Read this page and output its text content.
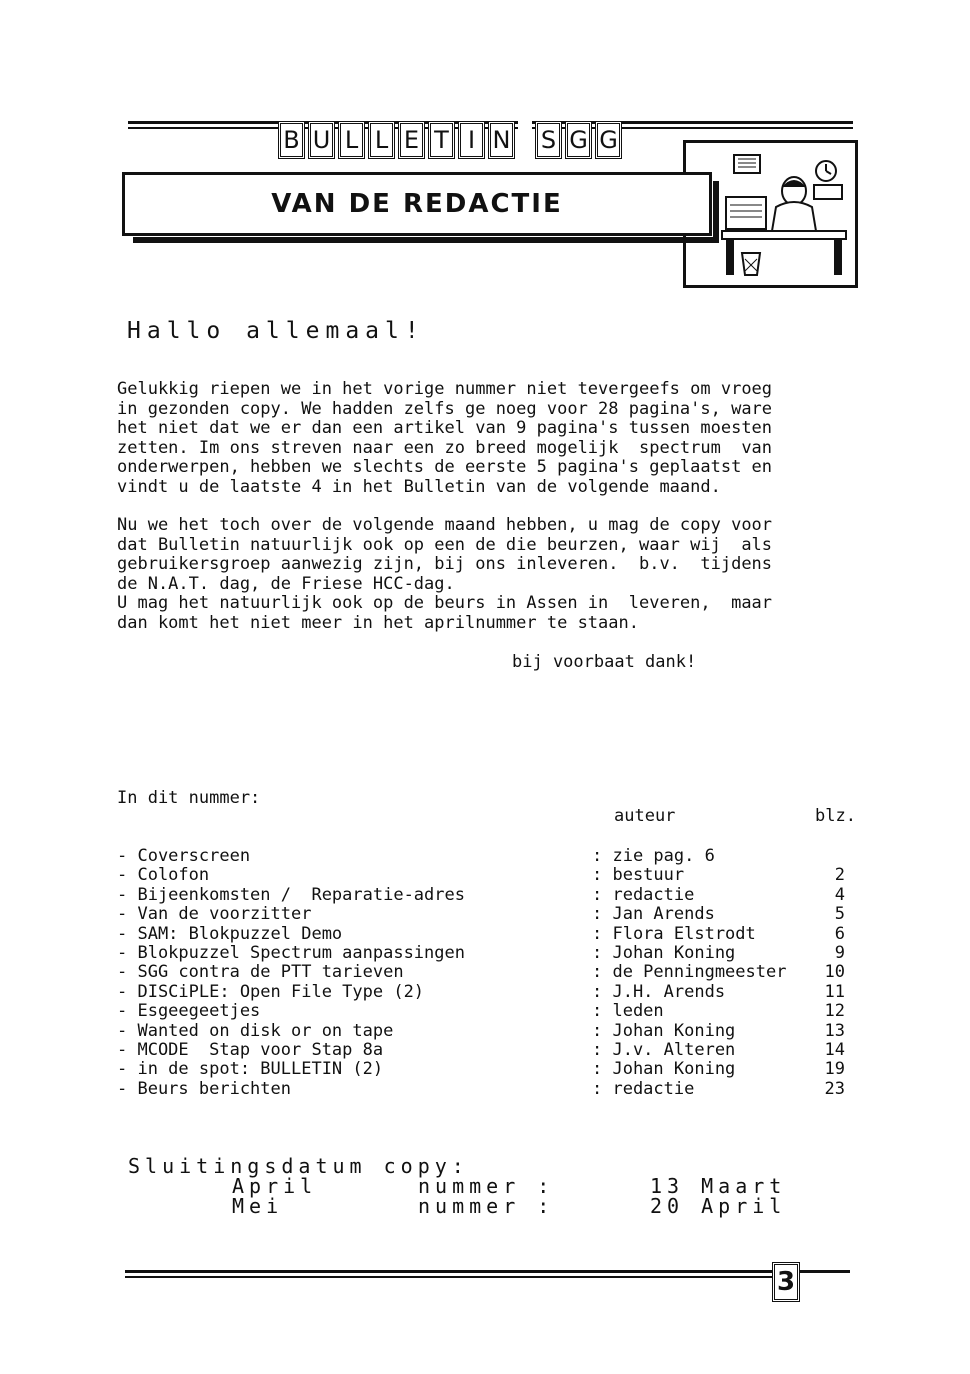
B U L L E T I N S G G
VAN DE REDACTIE
Hallo allemaal!

Gelukkig riepen we in het vorige nummer niet tevergeefs om vroeg
in gezonden copy. We hadden zelfs ge noeg voor 28 pagina's, ware
het niet dat we er dan een artikel van 9 pagina's tussen moesten
zetten. Im ons streven naar een zo breed mogelijk  spectrum  van
onderwerpen, hebben we slechts de eerste 5 pagina's geplaatst en
vindt u de laatste 4 in het Bulletin van de volgende maand.

Nu we het toch over de volgende maand hebben, u mag de copy voor
dat Bulletin natuurlijk ook op een de die beurzen, waar wij  als
gebruikersgroep aanwezig zijn, bij ons inleveren.  b.v.  tijdens
de N.A.T. dag, de Friese HCC-dag.
U mag het natuurlijk ook op de beurs in Assen in  leveren,  maar
dan komt het niet meer in het aprilnummer te staan.

bij voorbaat dank!
In dit nummer:
auteur	blz.
- Coverscreen	: zie pag. 6
- Colofon	: bestuur	2
- Bijeenkomsten /  Reparatie-adres	: redactie	4
- Van de voorzitter	: Jan Arends	5
- SAM: Blokpuzzel Demo	: Flora Elstrodt	6
- Blokpuzzel Spectrum aanpassingen	: Johan Koning	9
- SGG contra de PTT tarieven	: de Penningmeester 10
- DISCiPLE: Open File Type (2)	: J.H. Arends	11
- Esgeegeetjes	: leden	12
- Wanted on disk or on tape	: Johan Koning	13
- MCODE  Stap voor Stap 8a	: J.v. Alteren	14
- in de spot: BULLETIN (2)	: Johan Koning	19
- Beurs berichten	: redactie	23
Sluitingsdatum copy:
April	nummer :	13 Maart
Mei	nummer :	20 April
3
